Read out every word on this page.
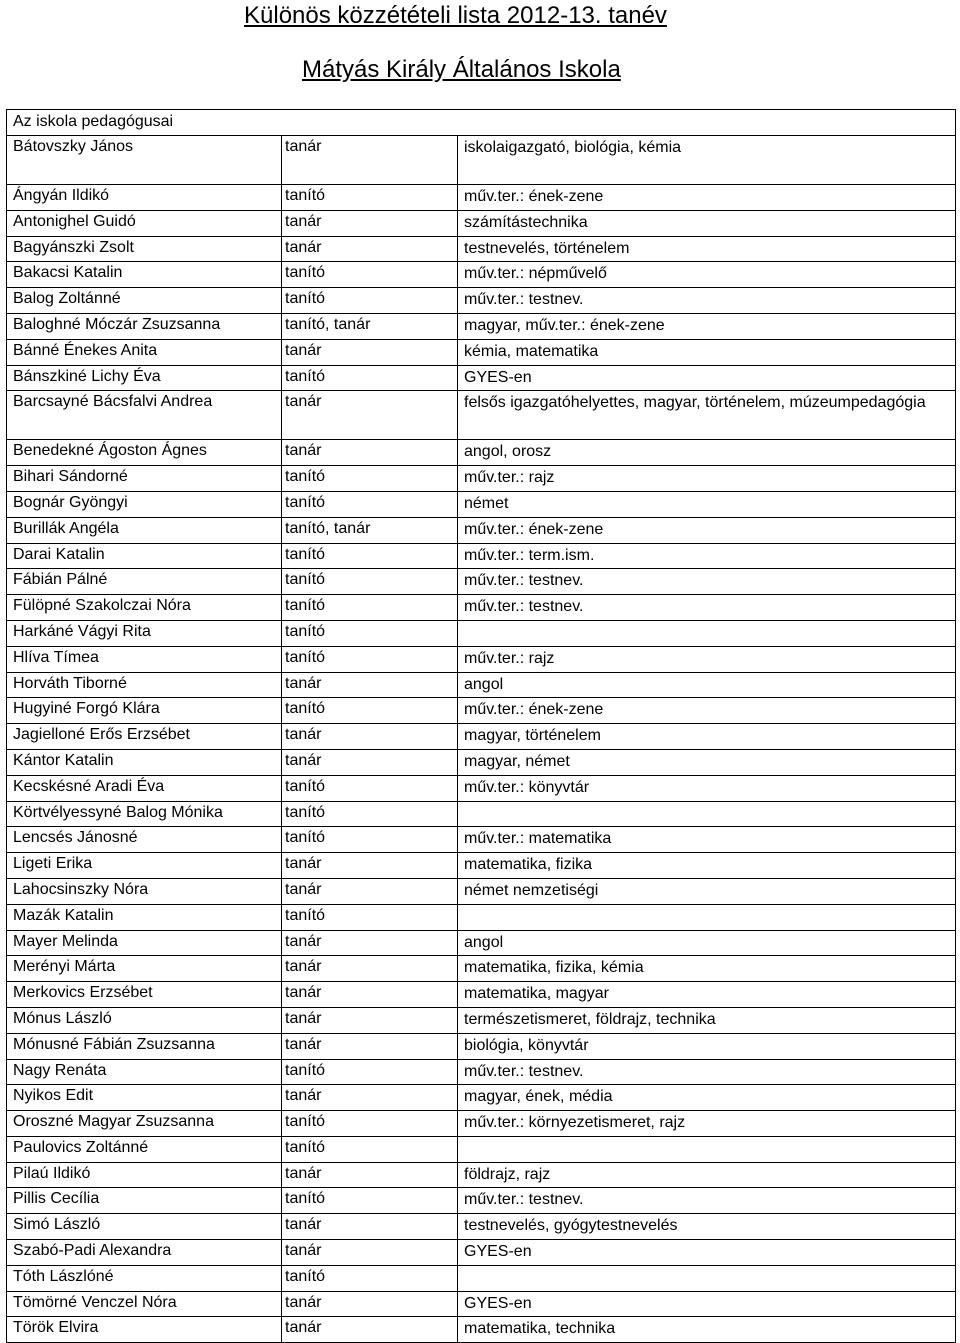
Különös közzétételi lista 2012-13. tanév
Mátyás Király Általános Iskola
Az iskola pedagógusai		
Bátovszky János	tanár	iskolaigazgató, biológia, kémia
Ángyán Ildikó	tanító	műv.ter.: ének-zene
Antonighel Guidó	tanár	számítástechnika
Bagyánszki Zsolt	tanár	testnevelés, történelem
Bakacsi Katalin	tanító	műv.ter.: népművelő
Balog Zoltánné	tanító	műv.ter.: testnev.
Baloghné Móczár Zsuzsanna	tanító, tanár	magyar, műv.ter.: ének-zene
Bánné Énekes Anita	tanár	kémia, matematika
Bánszkiné Lichy Éva	tanító	GYES-en
Barcsayné Bácsfalvi Andrea	tanár	felsős igazgatóhelyettes, magyar, történelem, múzeumpedagógia
Benedekné Ágoston Ágnes	tanár	angol, orosz
Bihari Sándorné	tanító	műv.ter.: rajz
Bognár Gyöngyi	tanító	német
Burillák Angéla	tanító, tanár	műv.ter.: ének-zene
Darai Katalin	tanító	műv.ter.: term.ism.
Fábián Pálné	tanító	műv.ter.: testnev.
Fülöpné Szakolczai Nóra	tanító	műv.ter.: testnev.
Harkáné Vágyi Rita	tanító	
Hlíva Tímea	tanító	műv.ter.: rajz
Horváth Tiborné	tanár	angol
Hugyiné Forgó Klára	tanító	műv.ter.: ének-zene
Jagielloné Erős Erzsébet	tanár	magyar, történelem
Kántor Katalin	tanár	magyar, német
Kecskésné Aradi Éva	tanító	műv.ter.: könyvtár
Körtvélyessyné Balog Mónika	tanító	
Lencsés Jánosné	tanító	műv.ter.: matematika
Ligeti Erika	tanár	matematika, fizika
Lahocsinszky Nóra	tanár	német nemzetiségi
Mazák Katalin	tanító	
Mayer Melinda	tanár	angol
Merényi Márta	tanár	matematika, fizika, kémia
Merkovics Erzsébet	tanár	matematika, magyar
Mónus László	tanár	természetismeret, földrajz, technika
Mónusné Fábián Zsuzsanna	tanár	biológia, könyvtár
Nagy Renáta	tanító	műv.ter.: testnev.
Nyikos Edit	tanár	magyar, ének, média
Oroszné Magyar Zsuzsanna	tanító	műv.ter.: környezetismeret, rajz
Paulovics Zoltánné	tanító	
Pilaú Ildikó	tanár	földrajz, rajz
Pillis Cecília	tanító	műv.ter.: testnev.
Simó László	tanár	testnevelés, gyógytestnevelés
Szabó-Padi Alexandra	tanár	GYES-en
Tóth Lászlóné	tanító	
Tömörné Venczel Nóra	tanár	GYES-en
Török Elvira	tanár	matematika, technika
